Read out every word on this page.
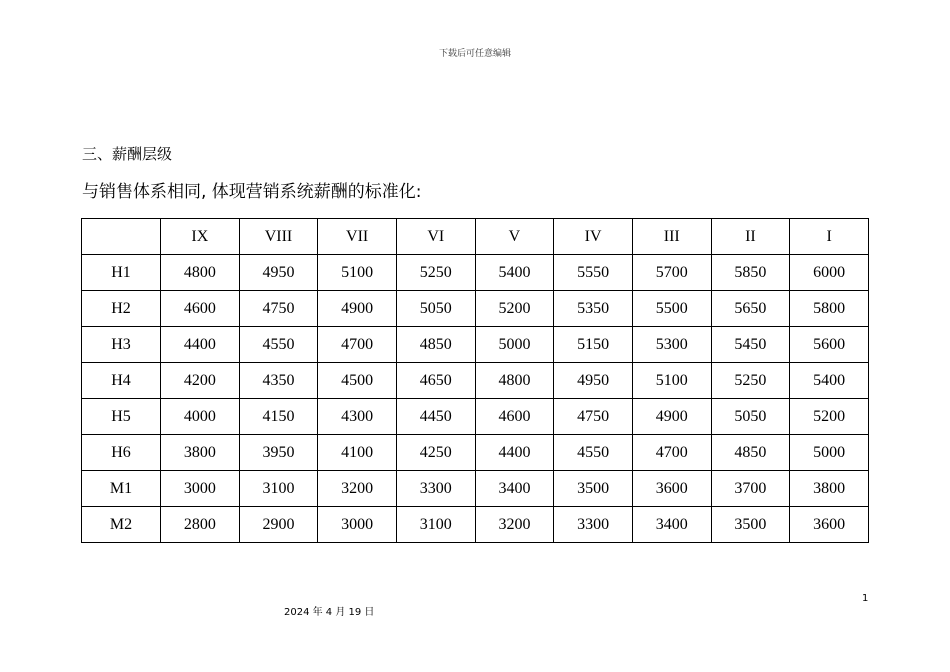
下载后可任意编辑
三、薪酬层级
与销售体系相同, 体现营销系统薪酬的标准化:
	IX	VIII	VII	VI	V	IV	III	II	I
H1	4800	4950	5100	5250	5400	5550	5700	5850	6000
H2	4600	4750	4900	5050	5200	5350	5500	5650	5800
H3	4400	4550	4700	4850	5000	5150	5300	5450	5600
H4	4200	4350	4500	4650	4800	4950	5100	5250	5400
H5	4000	4150	4300	4450	4600	4750	4900	5050	5200
H6	3800	3950	4100	4250	4400	4550	4700	4850	5000
M1	3000	3100	3200	3300	3400	3500	3600	3700	3800
M2	2800	2900	3000	3100	3200	3300	3400	3500	3600
2024 年 4 月 19 日
1
